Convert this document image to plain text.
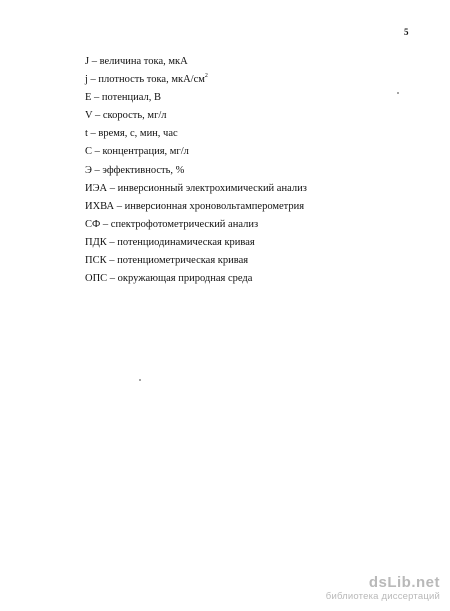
5
J – величина тока, мкА
j – плотность тока, мкА/$см^2$
E – потенциал, В
V – скорость, мг/л
t – время, с, мин, час
С – концентрация, мг/л
Э – эффективность, %
ИЭА – инверсионный электрохимический анализ
ИХВА – инверсионная хроновольтамперометрия
СФ – спектрофотометрический анализ
ПДК – потенциодинамическая кривая
ПСК – потенциометрическая кривая
ОПС – окружающая природная среда
dsLib.net
библиотека диссертаций
